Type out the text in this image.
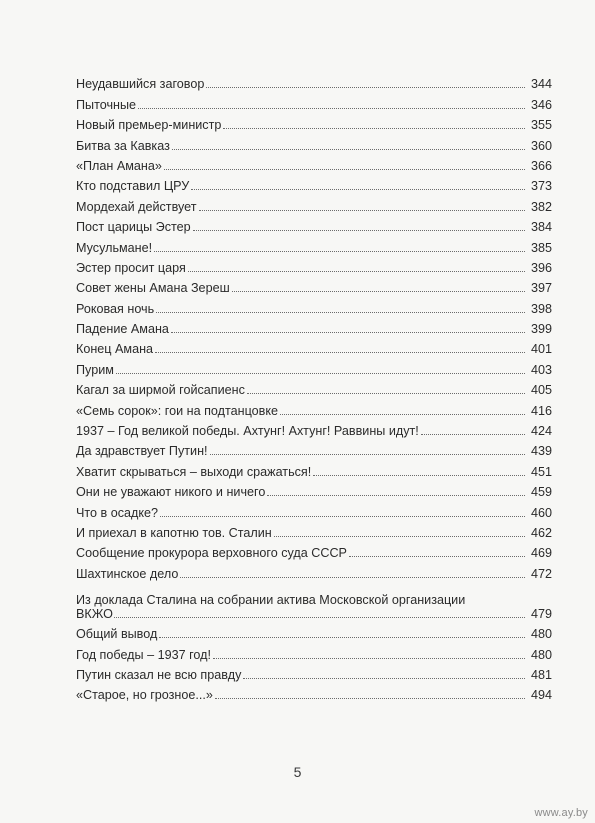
Неудавшийся заговор	344
Пыточные	346
Новый премьер-министр	355
Битва за Кавказ	360
«План Амана»	366
Кто подставил ЦРУ	373
Мордехай действует	382
Пост царицы Эстер	384
Мусульмане!	385
Эстер просит царя	396
Совет жены Амана Зереш	397
Роковая ночь	398
Падение Амана	399
Конец Амана	401
Пурим	403
Кагал за ширмой гойсапиенс	405
«Семь сорок»: гои на подтанцовке	416
1937 – Год великой победы. Ахтунг! Ахтунг! Раввины идут!	424
Да здравствует Путин!	439
Хватит скрываться – выходи сражаться!	451
Они не уважают никого и ничего	459
Что в осадке?	460
И приехал в капотню тов. Сталин	462
Сообщение прокурора верховного суда СССР	469
Шахтинское дело	472
Из доклада Сталина на собрании актива Московской организации
ВКЖО	479
Общий вывод	480
Год победы – 1937 год!	480
Путин сказал не всю правду	481
«Старое, но грозное...»	494
5
www.ay.by
